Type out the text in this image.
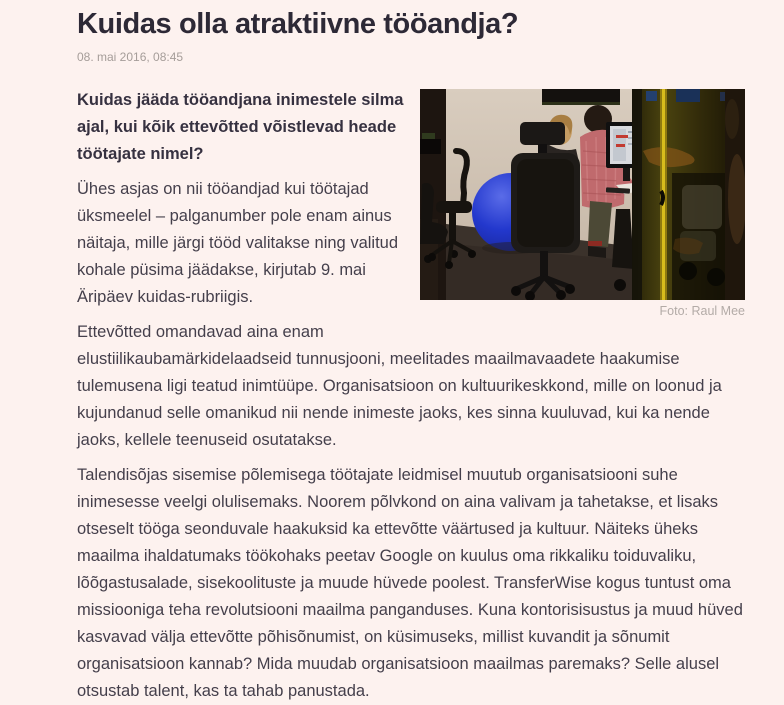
Kuidas olla atraktiivne tööandja?
08. mai 2016, 08:45
Foto: Raul Mee

Kuidas jääda tööandjana inimestele silma ajal, kui kõik ettevõtted võistlevad heade töötajate nimel?

Ühes asjas on nii tööandjad kui töötajad üksmeelel – palganumber pole enam ainus näitaja, mille järgi tööd valitakse ning valitud kohale püsima jäädakse, kirjutab 9. mai Äripäev kuidas-rubriigis.

Ettevõtted omandavad aina enam elustiilikaubamärkidelaadseid tunnusjooni, meelitades maailmavaadete haakumise tulemusena ligi teatud inimtüüpe. Organisatsioon on kultuurikeskkond, mille on loonud ja kujundanud selle omanikud nii nende inimeste jaoks, kes sinna kuuluvad, kui ka nende jaoks, kellele teenuseid osutatakse.

Talendisõjas sisemise põlemisega töötajate leidmisel muutub organisatsiooni suhe inimesesse veelgi olulisemaks. Noorem põlvkond on aina valivam ja tahetakse, et lisaks otseselt tööga seonduvale haakuksid ka ettevõtte väärtused ja kultuur. Näiteks üheks maailma ihaldatumaks töökohaks peetav Google on kuulus oma rikkaliku toiduvaliku, lõõgastusalade, sisekoolituste ja muude hüvede poolest. TransferWise kogus tuntust oma missiooniga teha revolutsiooni maailma panganduses. Kuna kontorisisustus ja muud hüved kasvavad välja ettevõtte põhisõnumist, on küsimuseks, millist kuvandit ja sõnumit organisatsioon kannab? Mida muudab organisatsioon maailmas paremaks? Selle alusel otsustab talent, kas ta tahab panustada.
